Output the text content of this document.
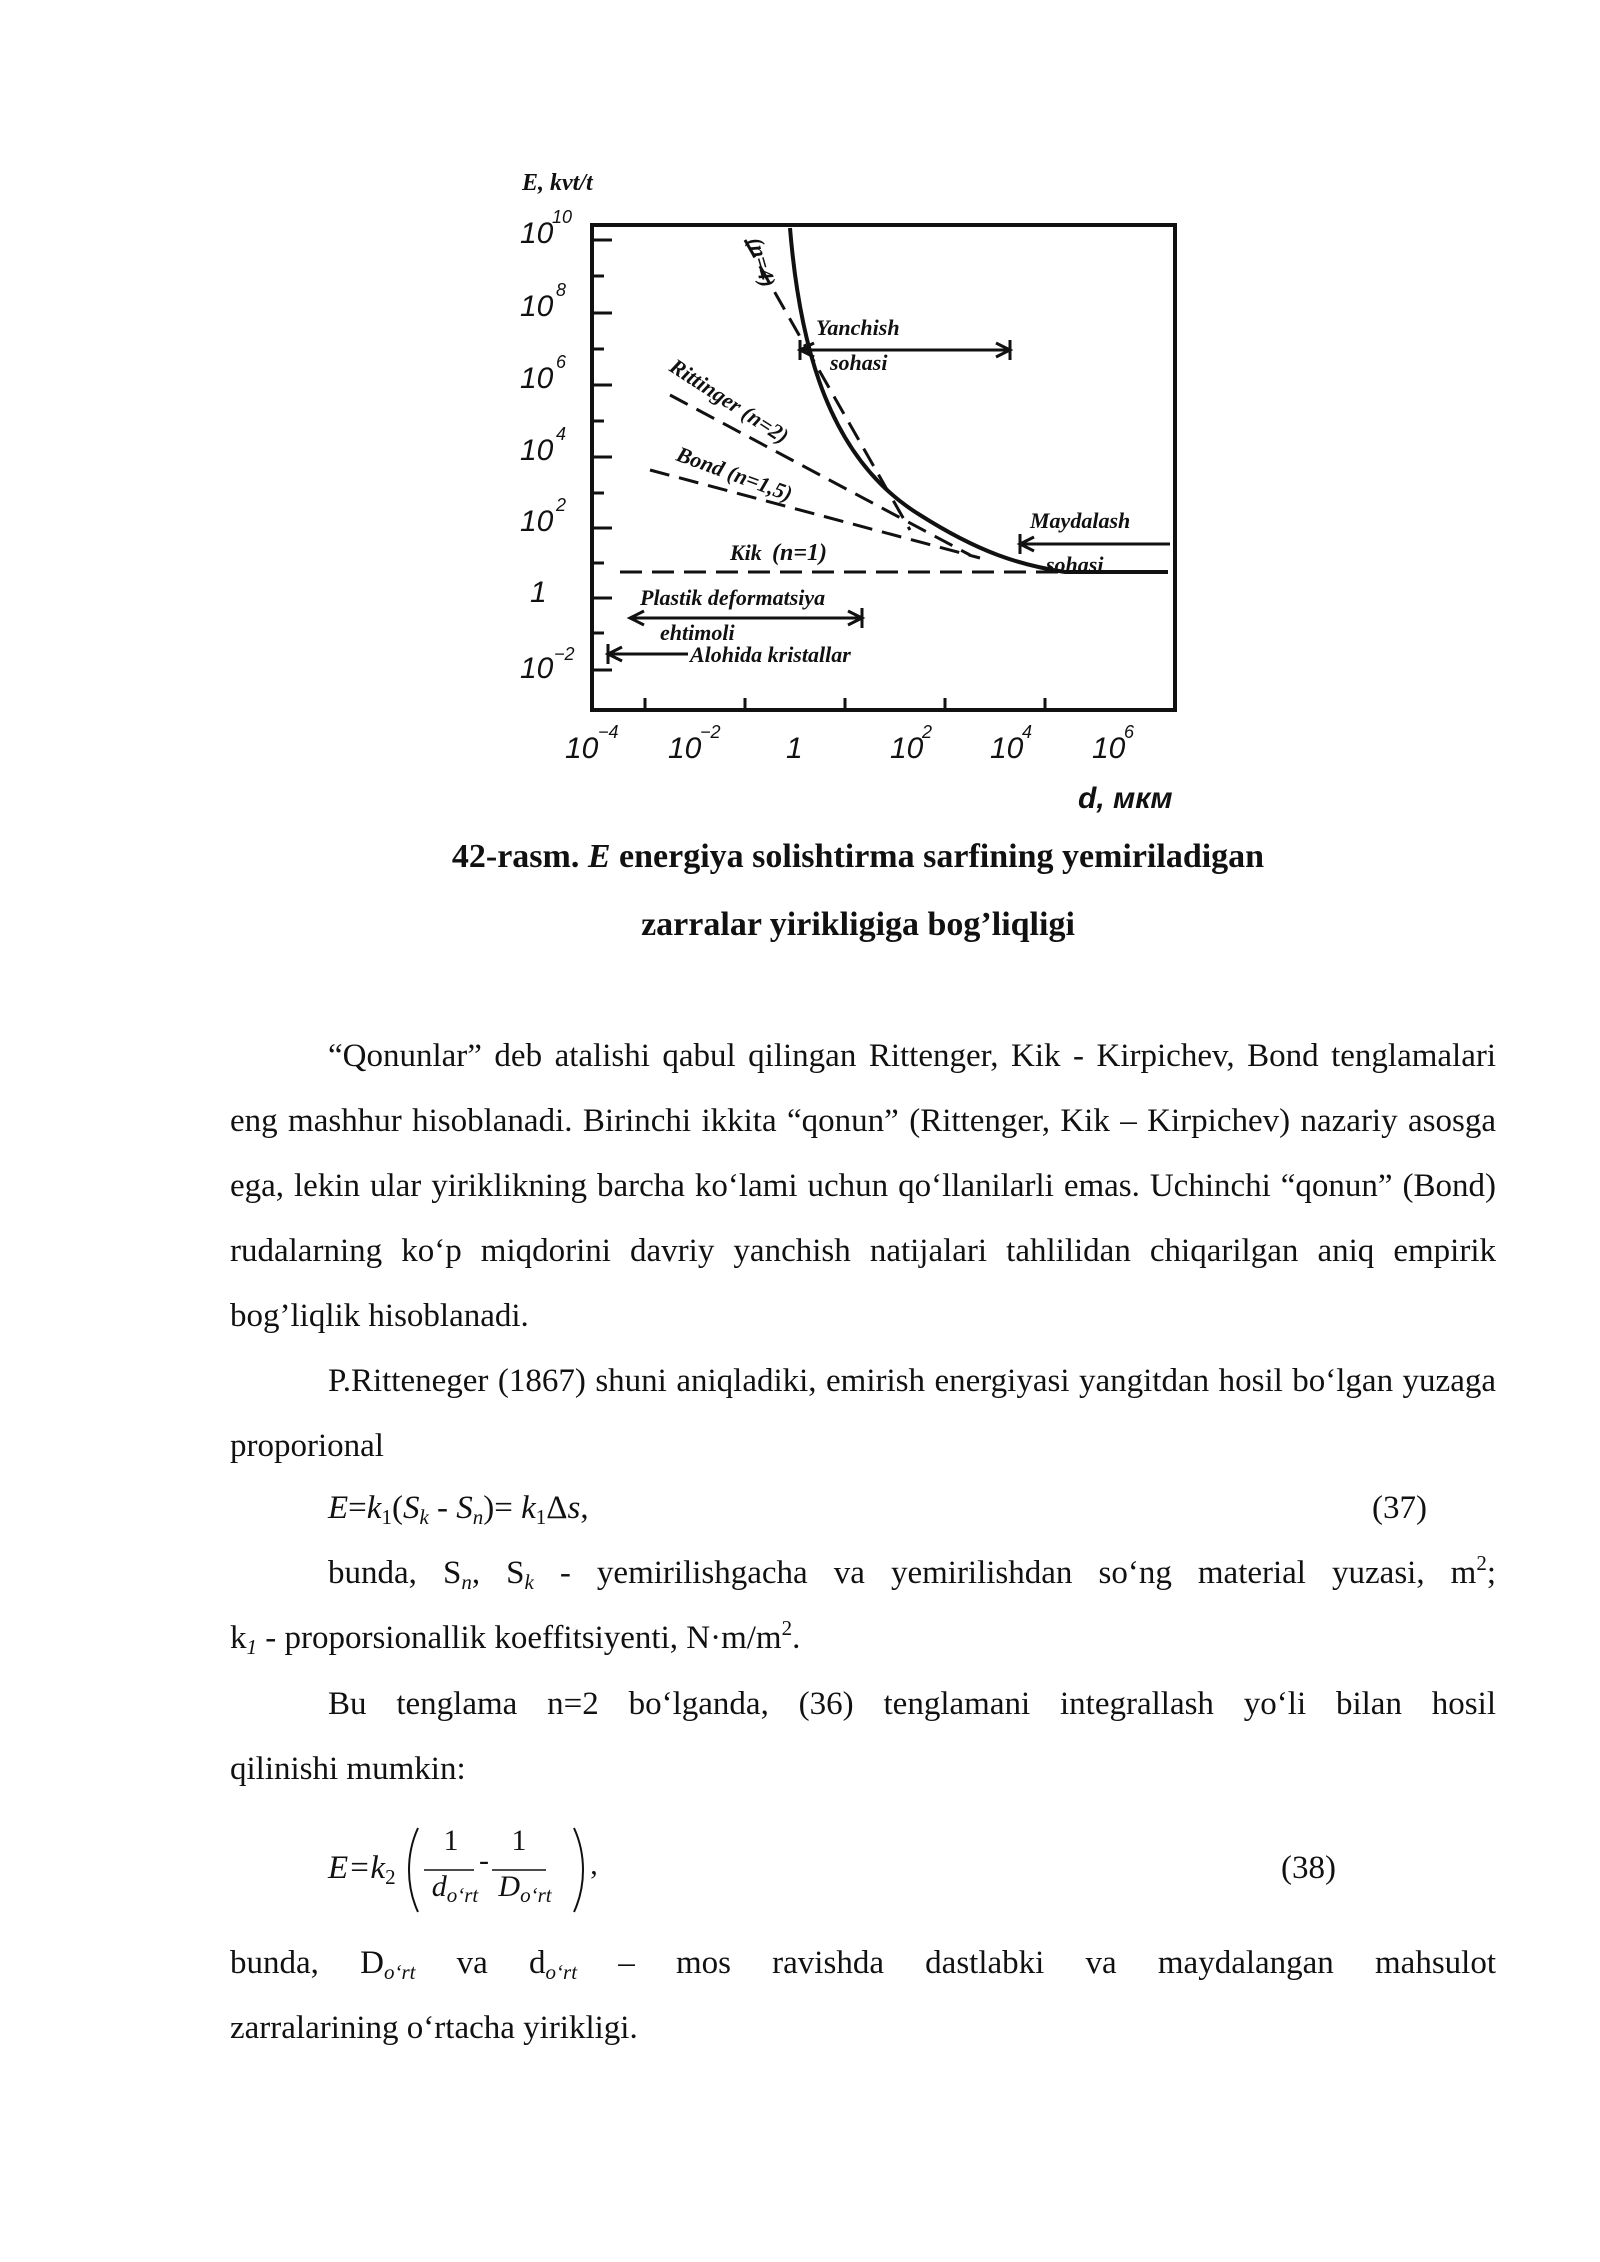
10
10
10 8
10 6
10 4
10 2
1
10 −2
E, kvt/t
10 −4 10
−2 1	10
2 10
4 10
6
d, мкм
(n=4)
Rittinger (n=2)
Bond (n=1,5)
Kik (n=1)
Yanchish
sohasi
Maydalash
sohasi
Plastik deformatsiya
ehtimoli
Alohida kristallar
42-rasm. E energiya solishtirma sarfining yemiriladigan
zarralar yirikligiga bog’liqligi

“Qonunlar” deb atalishi qabul qilingan Rittenger, Kik - Kirpichev, Bond tenglamalari eng mashhur hisoblanadi. Birinchi ikkita “qonun” (Rittenger, Kik – Kirpichev) nazariy asosga ega, lekin ular yiriklikning barcha ko‘lami uchun qo‘llanilarli emas. Uchinchi “qonun” (Bond) rudalarning ko‘p miqdorini davriy yanchish natijalari tahlilidan chiqarilgan aniq empirik bog’liqlik hisoblanadi.

P.Ritteneger (1867) shuni aniqladiki, emirish energiyasi yangitdan hosil bo‘lgan yuzaga proporional

$E=k_1(S_k - S_n)= k_1\Delta s$,	(37)
bunda, $S_n$, $S_k$ - yemirilishgacha va yemirilishdan so‘ng material yuzasi, $m^2$;
$k_1$ - proporsionallik koeffitsiyenti, $N\cdot m/m^2$.
Bu tenglama n=2 bo‘lganda, (36) tenglamani integrallash yo‘li bilan hosil
qilinishi mumkin:
$E=k_2$
1
$d_{o‘rt}$
-
1
$D_{o‘rt}$
,	(38)
bunda, $D_{o‘rt}$ va $d_{o‘rt}$ – mos ravishda dastlabki va maydalangan mahsulot
zarralarining o‘rtacha yirikligi.
